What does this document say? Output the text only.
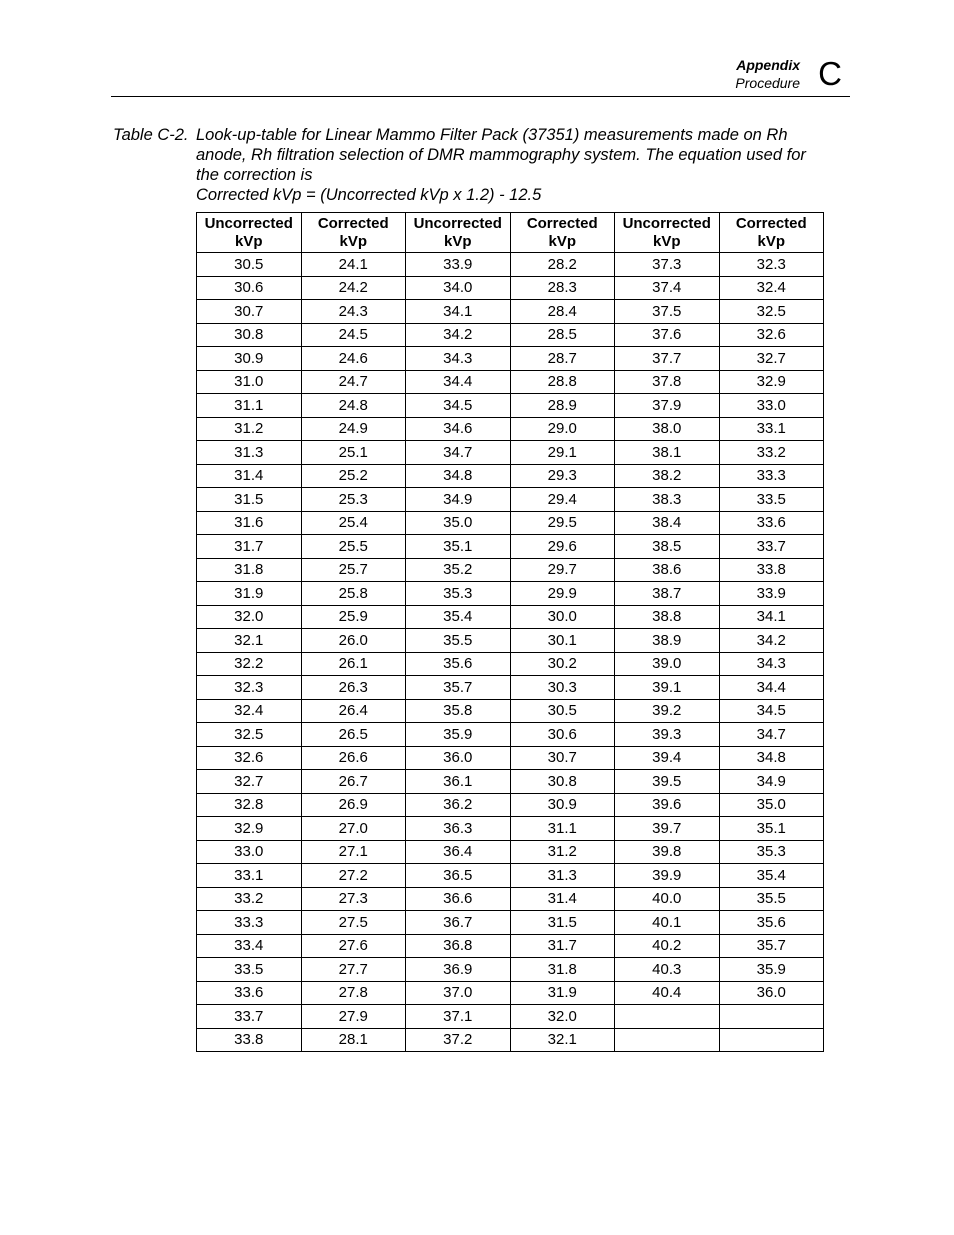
Appendix
Procedure C
Table C-2. Look-up-table for Linear Mammo Filter Pack (37351) measurements made on Rh
anode, Rh filtration selection of DMR mammography system. The equation used for
the correction is
Corrected kVp = (Uncorrected kVp x 1.2) - 12.5
Uncorrected
kVp	Corrected
kVp	Uncorrected
kVp	Corrected
kVp	Uncorrected
kVp	Corrected
kVp
30.5	24.1	33.9	28.2	37.3	32.3
30.6	24.2	34.0	28.3	37.4	32.4
30.7	24.3	34.1	28.4	37.5	32.5
30.8	24.5	34.2	28.5	37.6	32.6
30.9	24.6	34.3	28.7	37.7	32.7
31.0	24.7	34.4	28.8	37.8	32.9
31.1	24.8	34.5	28.9	37.9	33.0
31.2	24.9	34.6	29.0	38.0	33.1
31.3	25.1	34.7	29.1	38.1	33.2
31.4	25.2	34.8	29.3	38.2	33.3
31.5	25.3	34.9	29.4	38.3	33.5
31.6	25.4	35.0	29.5	38.4	33.6
31.7	25.5	35.1	29.6	38.5	33.7
31.8	25.7	35.2	29.7	38.6	33.8
31.9	25.8	35.3	29.9	38.7	33.9
32.0	25.9	35.4	30.0	38.8	34.1
32.1	26.0	35.5	30.1	38.9	34.2
32.2	26.1	35.6	30.2	39.0	34.3
32.3	26.3	35.7	30.3	39.1	34.4
32.4	26.4	35.8	30.5	39.2	34.5
32.5	26.5	35.9	30.6	39.3	34.7
32.6	26.6	36.0	30.7	39.4	34.8
32.7	26.7	36.1	30.8	39.5	34.9
32.8	26.9	36.2	30.9	39.6	35.0
32.9	27.0	36.3	31.1	39.7	35.1
33.0	27.1	36.4	31.2	39.8	35.3
33.1	27.2	36.5	31.3	39.9	35.4
33.2	27.3	36.6	31.4	40.0	35.5
33.3	27.5	36.7	31.5	40.1	35.6
33.4	27.6	36.8	31.7	40.2	35.7
33.5	27.7	36.9	31.8	40.3	35.9
33.6	27.8	37.0	31.9	40.4	36.0
33.7	27.9	37.1	32.0		
33.8	28.1	37.2	32.1		
